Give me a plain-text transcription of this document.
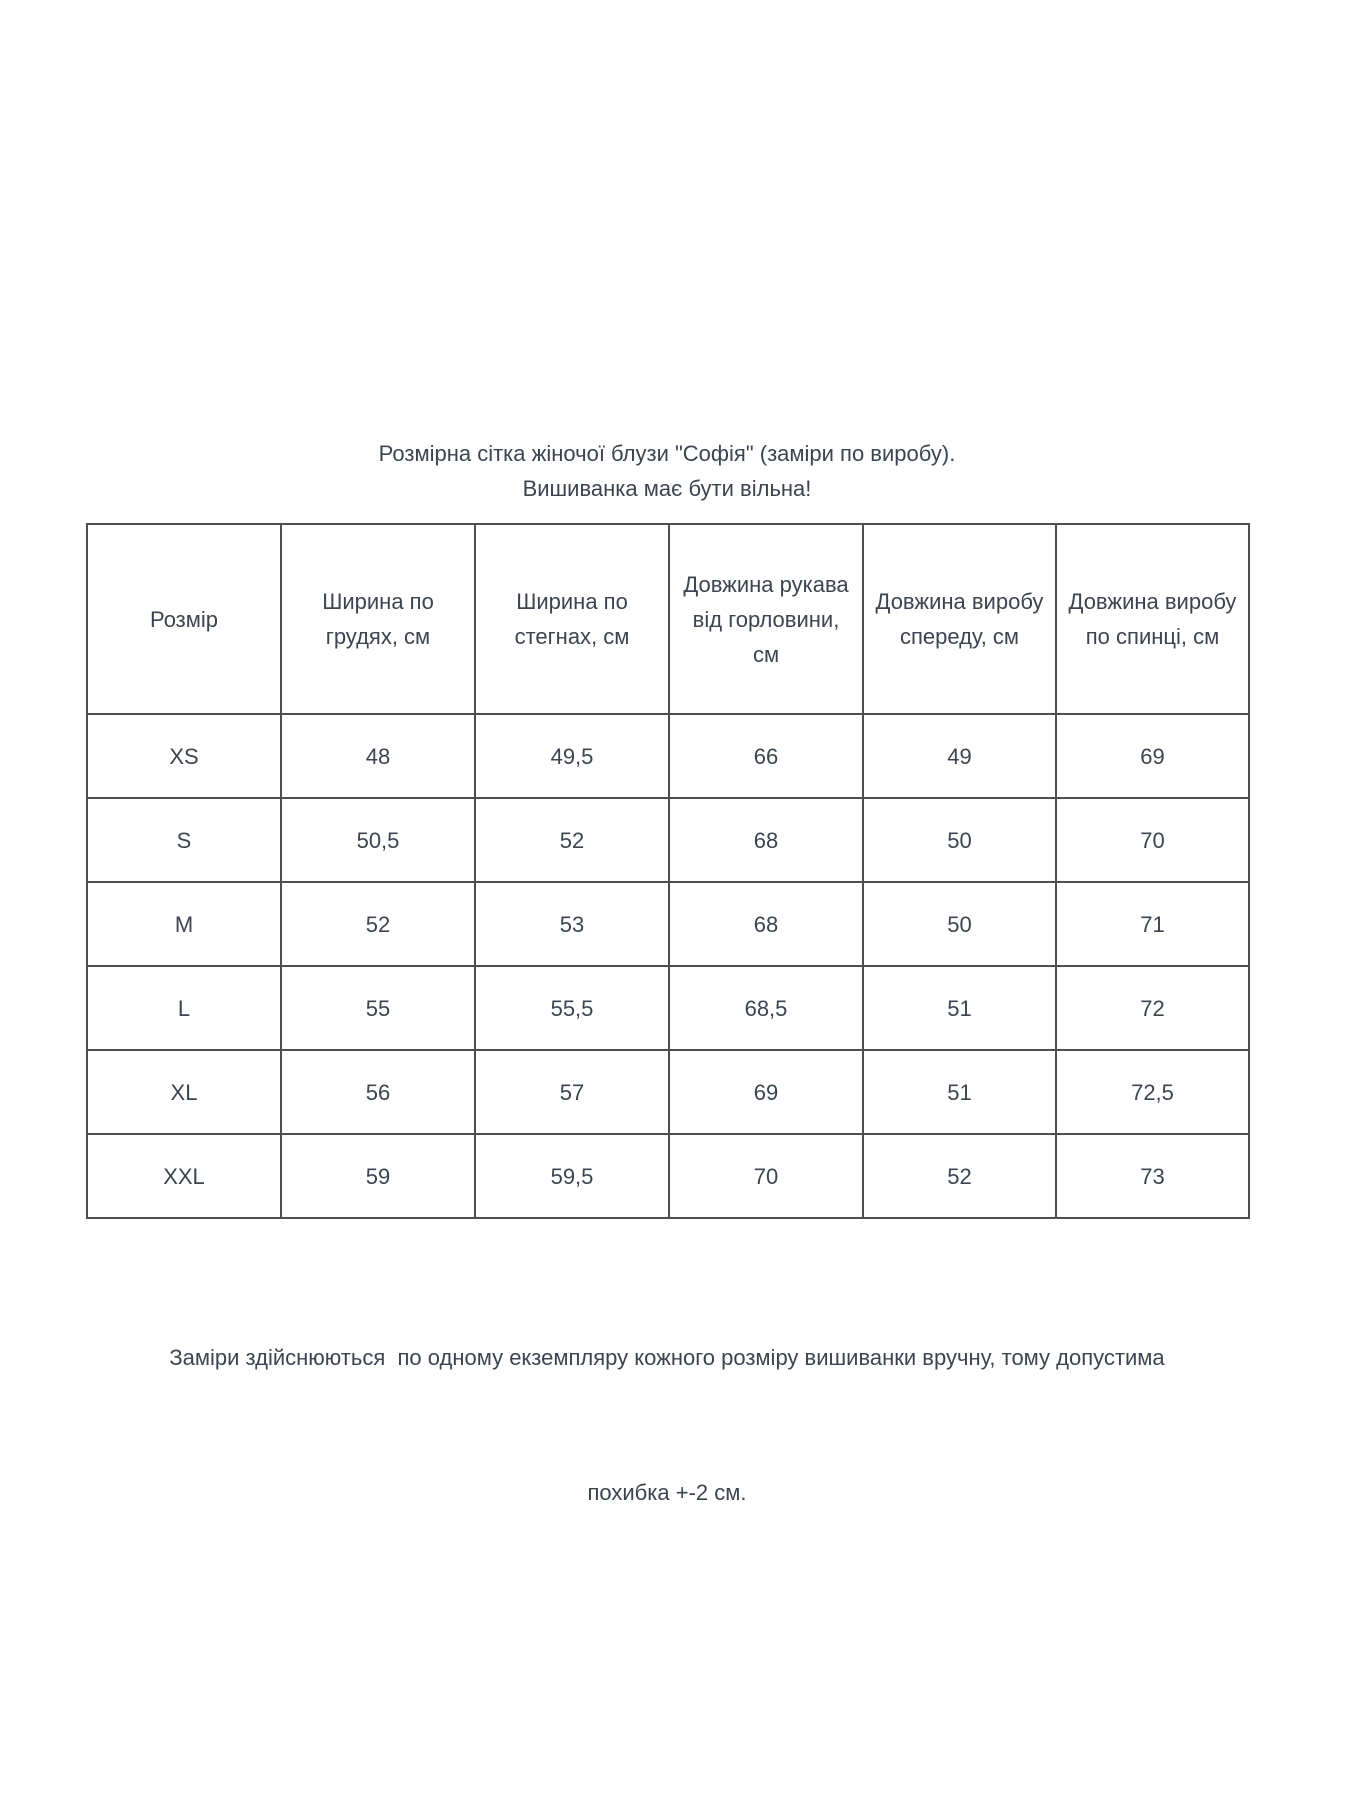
Розмірна сітка жіночої блузи "Софія" (заміри по виробу).
Вишиванка має бути вільна!
Розмір	Ширина по грудях, см	Ширина по стегнах, см	Довжина рукава від горловини, см	Довжина виробу спереду, см	Довжина виробу по спинці, см
XS	48	49,5	66	49	69
S	50,5	52	68	50	70
M	52	53	68	50	71
L	55	55,5	68,5	51	72
XL	56	57	69	51	72,5
XXL	59	59,5	70	52	73

Заміри здійснюються  по одному екземпляру кожного розміру вишиванки вручну, тому допустима

похибка +-2 см.
